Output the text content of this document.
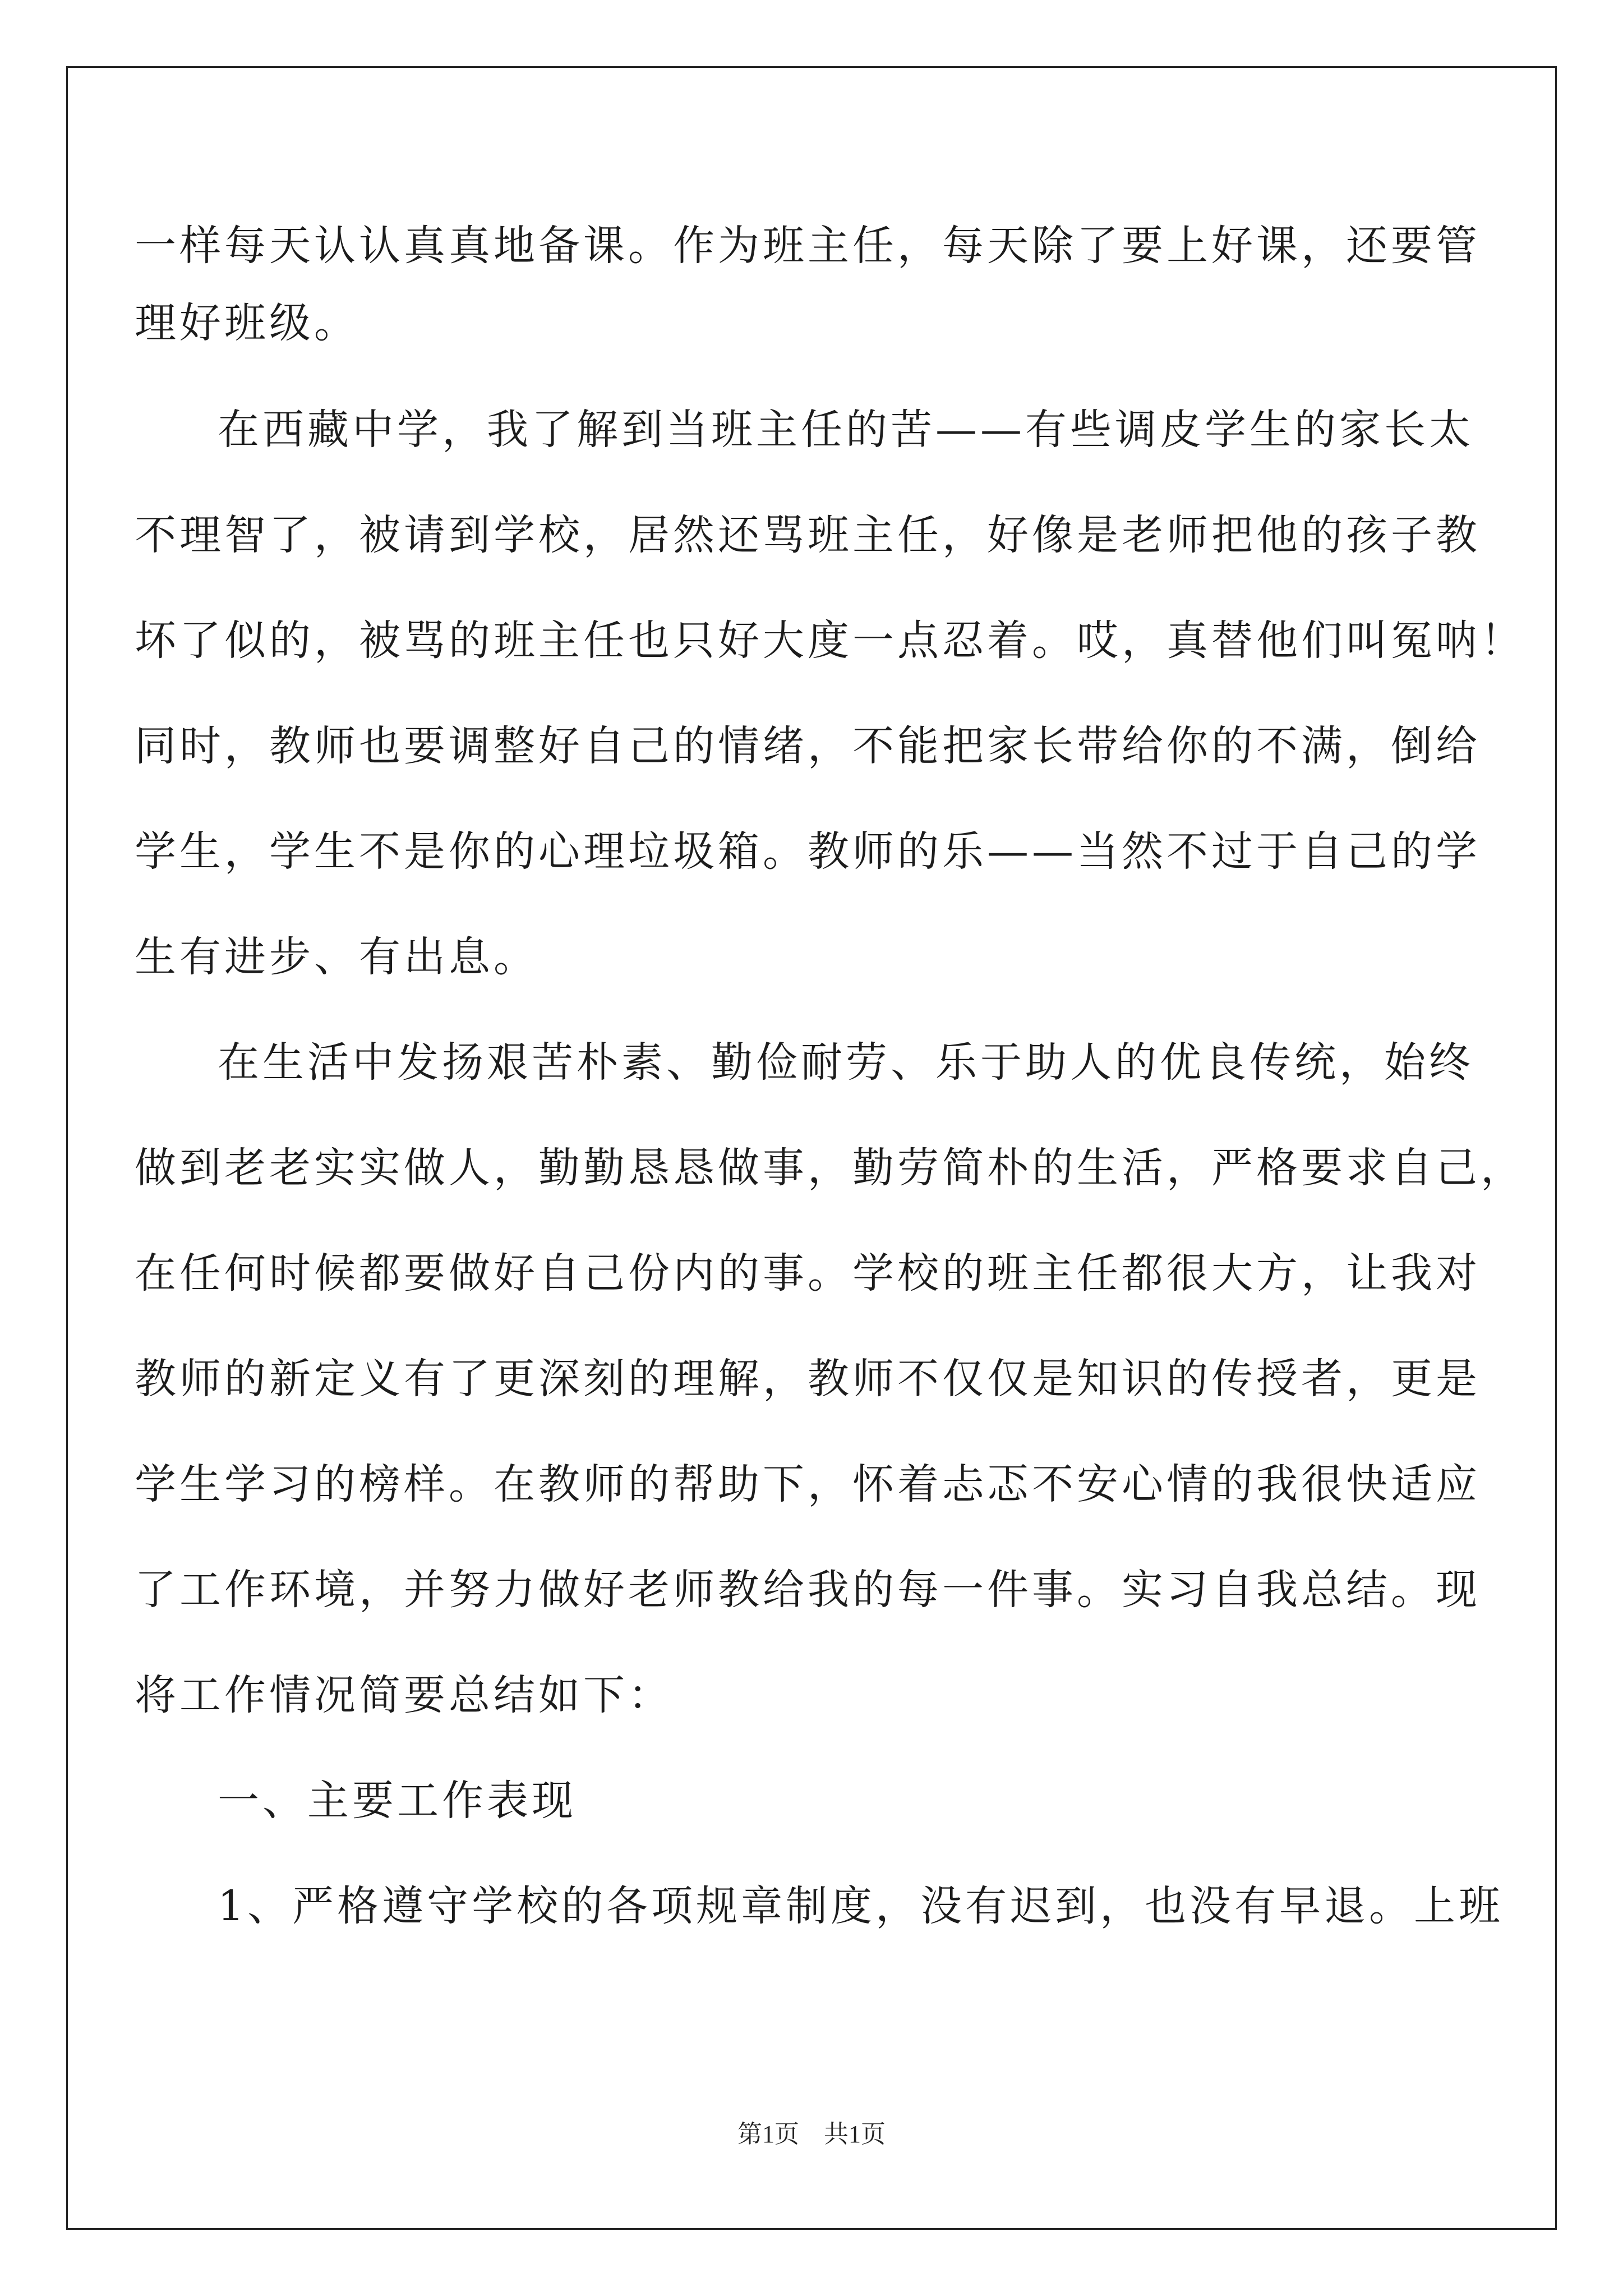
一样每天认认真真地备课。作为班主任，每天除了要上好课，还要管
理好班级。
在西藏中学，我了解到当班主任的苦——有些调皮学生的家长太
不理智了，被请到学校，居然还骂班主任，好像是老师把他的孩子教
坏了似的，被骂的班主任也只好大度一点忍着。哎，真替他们叫冤呐！
同时，教师也要调整好自己的情绪，不能把家长带给你的不满，倒给
学生，学生不是你的心理垃圾箱。教师的乐——当然不过于自己的学
生有进步、有出息。
在生活中发扬艰苦朴素、勤俭耐劳、乐于助人的优良传统，始终
做到老老实实做人，勤勤恳恳做事，勤劳简朴的生活，严格要求自己，
在任何时候都要做好自己份内的事。学校的班主任都很大方，让我对
教师的新定义有了更深刻的理解，教师不仅仅是知识的传授者，更是
学生学习的榜样。在教师的帮助下，怀着忐忑不安心情的我很快适应
了工作环境，并努力做好老师教给我的每一件事。实习自我总结。现
将工作情况简要总结如下：
一、主要工作表现
1、严格遵守学校的各项规章制度，没有迟到，也没有早退。上班
第1页　共1页
